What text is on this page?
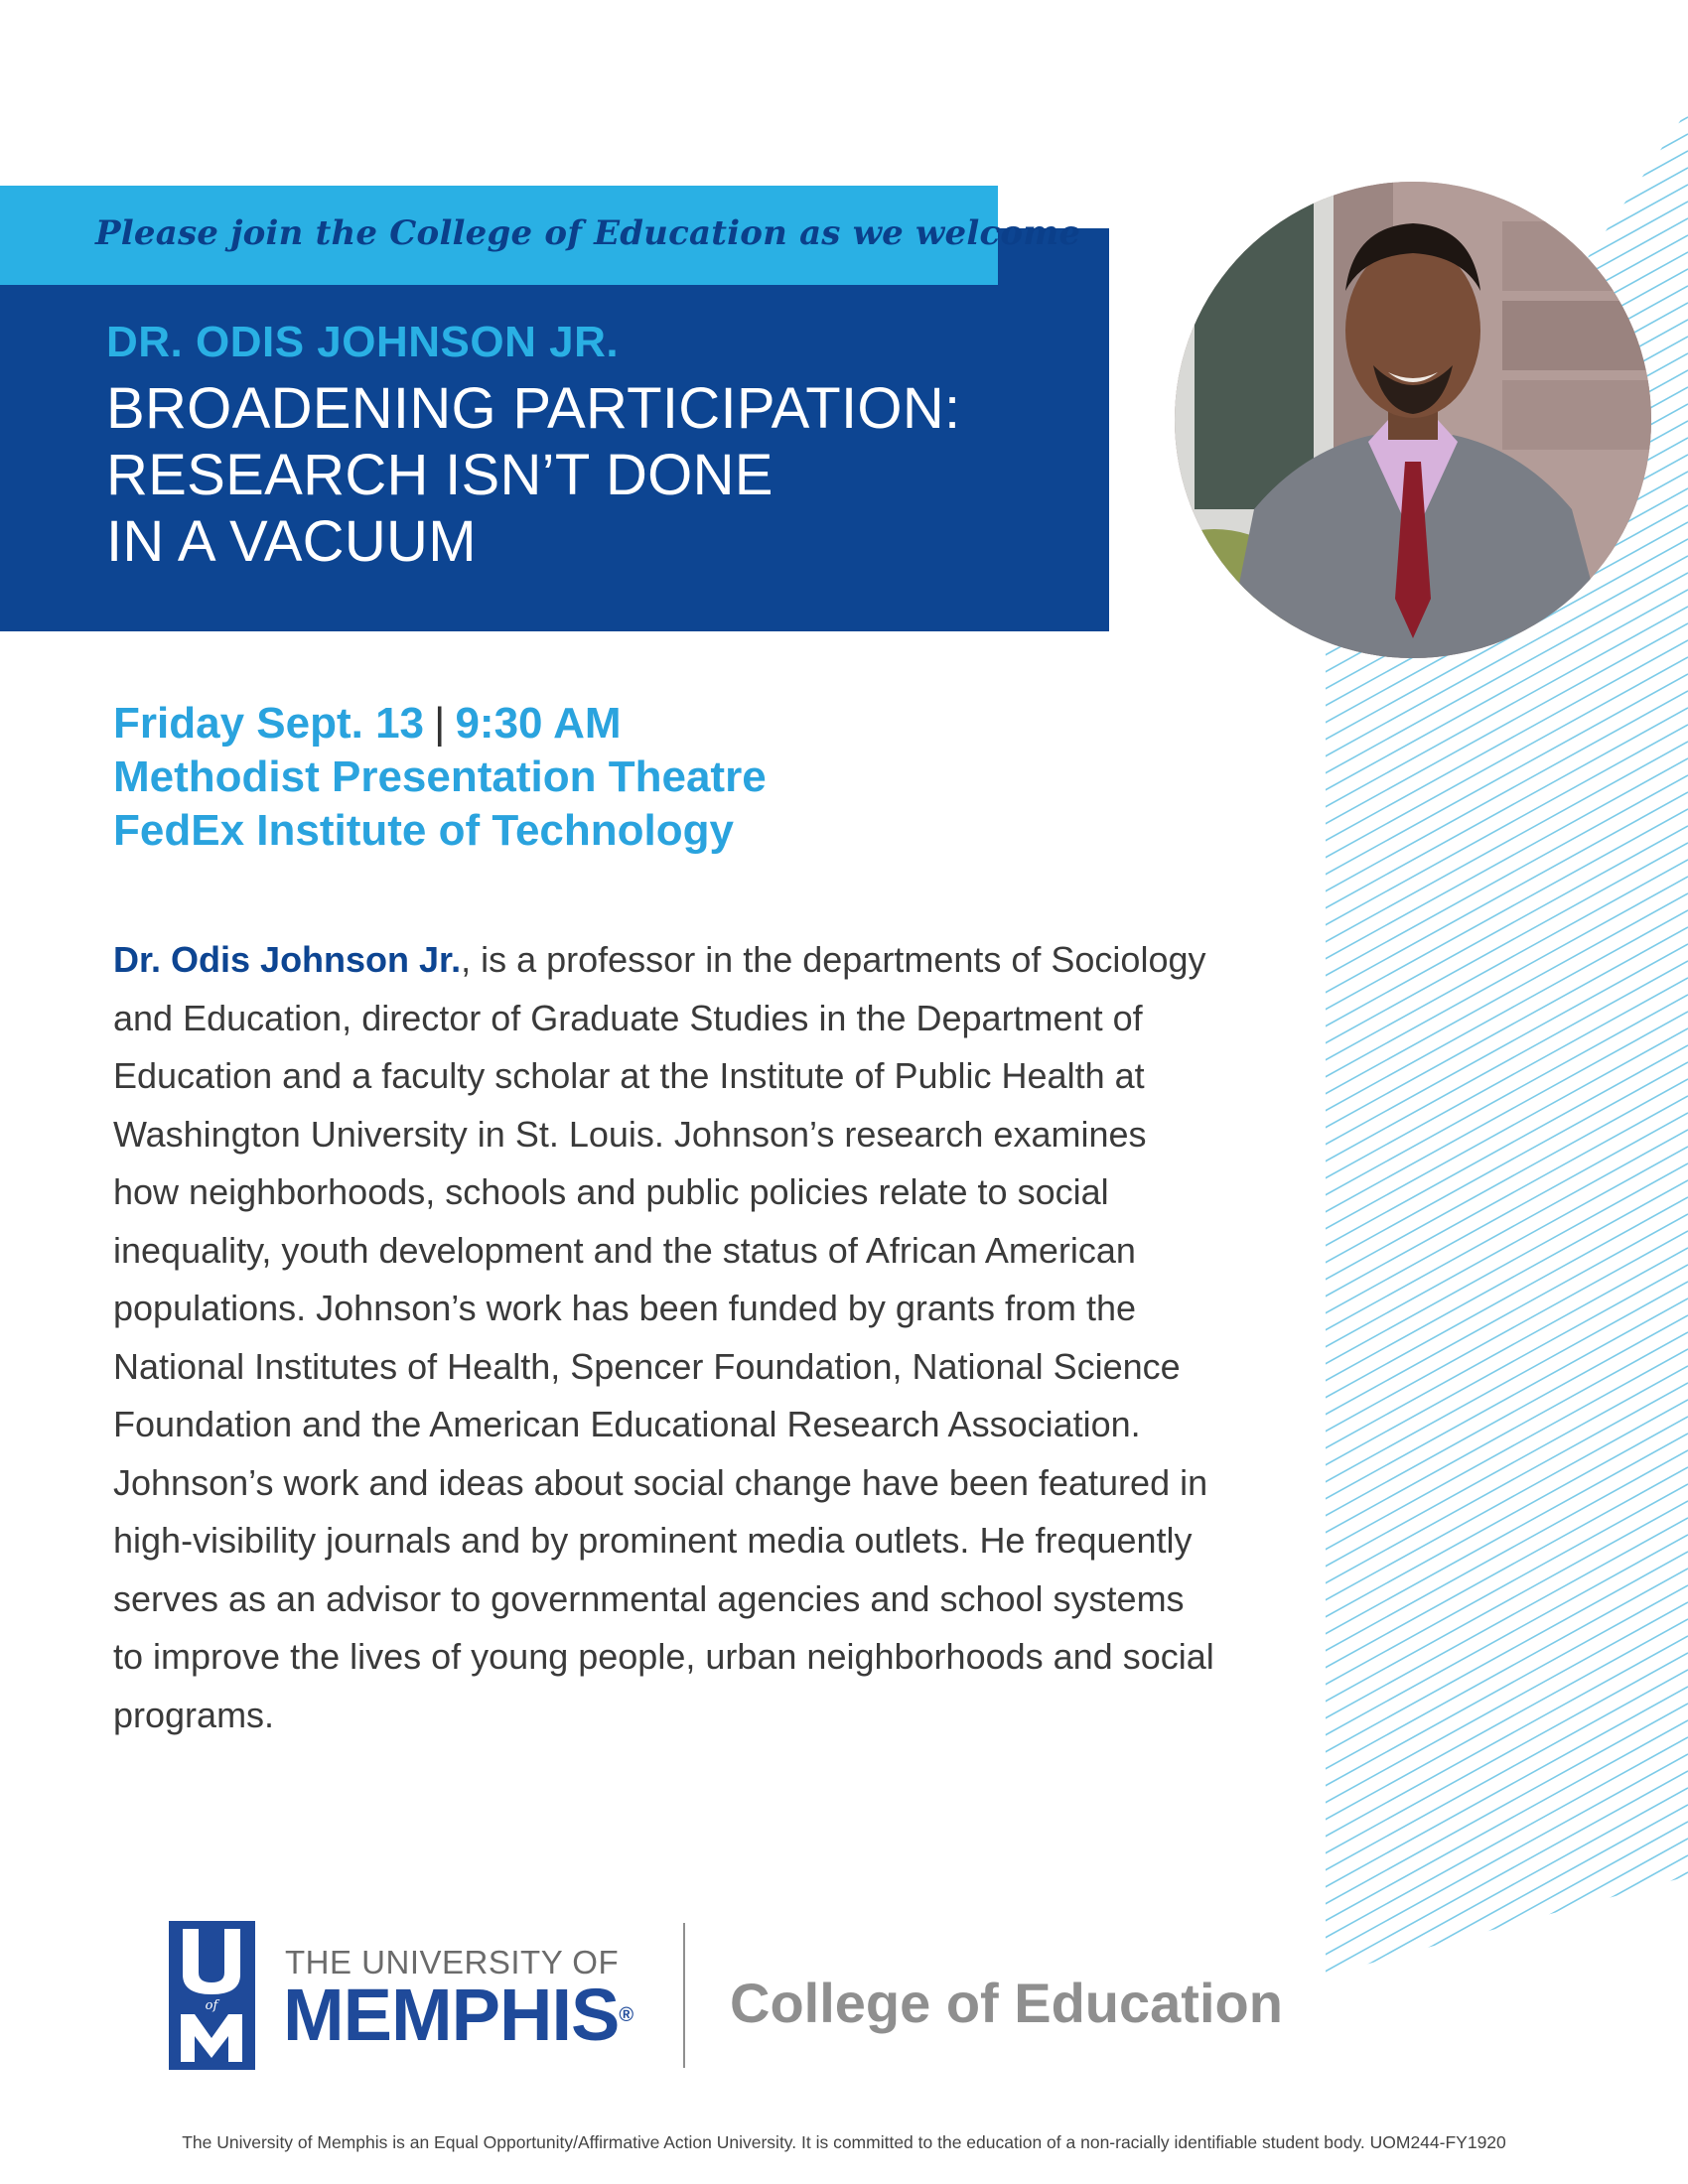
DR. ODIS JOHNSON JR.
BROADENING PARTICIPATION:
RESEARCH ISN’T DONE
IN A VACUUM
Please join the College of Education as we welcome
Friday Sept. 13 | 9:30 AM
Methodist Presentation Theatre
FedEx Institute of Technology

Dr. Odis Johnson Jr., is a professor in the departments of Sociology and Education, director of Graduate Studies in the Department of Education and a faculty scholar at the Institute of Public Health at Washington University in St. Louis. Johnson’s research examines how neighborhoods, schools and public policies relate to social inequality, youth development and the status of African American populations. Johnson’s work has been funded by grants from the National Institutes of Health, Spencer Foundation, National Science Foundation and the American Educational Research Association. Johnson’s work and ideas about social change have been featured in high-visibility journals and by prominent media outlets. He frequently serves as an advisor to governmental agencies and school systems to improve the lives of young people, urban neighborhoods and social programs.

of
THE UNIVERSITY OF
MEMPHIS® College of Education
The University of Memphis is an Equal Opportunity/Affirmative Action University. It is committed to the education of a non-racially identifiable student body. UOM244-FY1920
